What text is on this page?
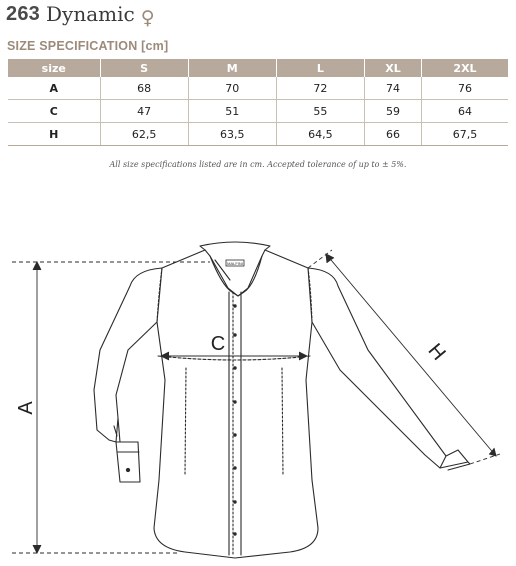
263 Dynamic ♀
SIZE SPECIFICATION [cm]
size	S	M	L	XL	2XL
A	68	70	72	74	76
C	47	51	55	59	64
H	62,5	63,5	64,5	66	67,5
All size specifications listed are in cm. Accepted tolerance of up to ± 5%.
MALFINI
A
C	H
